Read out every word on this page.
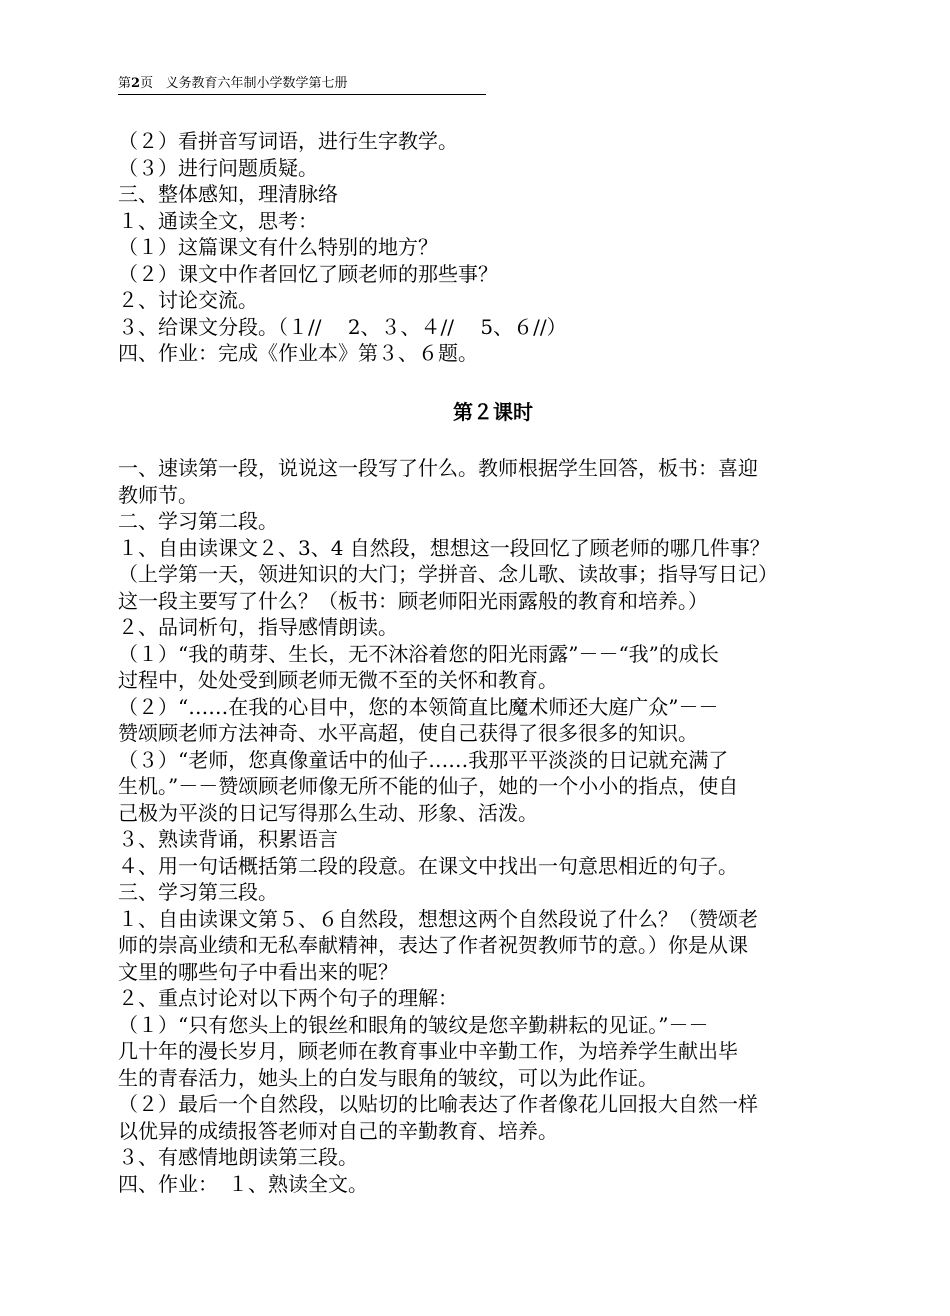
第2页 义务教育六年制小学数学第七册

（２）看拼音写词语，进行生字教学。

（３）进行问题质疑。

三、整体感知，理清脉络

１、通读全文，思考：

（１）这篇课文有什么特别的地方？

（２）课文中作者回忆了顾老师的那些事？

２、讨论交流。

３、给课文分段。（１//　 2、３、４//　 5、６//）

四、作业：完成《作业本》第３、６题。

第２课时

一、速读第一段，说说这一段写了什么。教师根据学生回答，板书：喜迎

教师节。

二、学习第二段。

１、自由读课文２、3、4 自然段，想想这一段回忆了顾老师的哪几件事？

（上学第一天，领进知识的大门；学拼音、念儿歌、读故事；指导写日记）

这一段主要写了什么？（板书：顾老师阳光雨露般的教育和培养。）

２、品词析句，指导感情朗读。

（１）“我的萌芽、生长，无不沐浴着您的阳光雨露”－－“我”的成长

过程中，处处受到顾老师无微不至的关怀和教育。

（２）“……在我的心目中，您的本领简直比魔术师还大庭广众”－－

赞颂顾老师方法神奇、水平高超，使自己获得了很多很多的知识。

（３）“老师，您真像童话中的仙子……我那平平淡淡的日记就充满了

生机。”－－赞颂顾老师像无所不能的仙子，她的一个小小的指点，使自

己极为平淡的日记写得那么生动、形象、活泼。

３、熟读背诵，积累语言

４、用一句话概括第二段的段意。在课文中找出一句意思相近的句子。

三、学习第三段。

１、自由读课文第５、６自然段，想想这两个自然段说了什么？（赞颂老

师的崇高业绩和无私奉献精神，表达了作者祝贺教师节的意。）你是从课

文里的哪些句子中看出来的呢？

２、重点讨论对以下两个句子的理解：

（１）“只有您头上的银丝和眼角的皱纹是您辛勤耕耘的见证。”－－

几十年的漫长岁月，顾老师在教育事业中辛勤工作，为培养学生献出毕

生的青春活力，她头上的白发与眼角的皱纹，可以为此作证。

（２）最后一个自然段，以贴切的比喻表达了作者像花儿回报大自然一样

以优异的成绩报答老师对自己的辛勤教育、培养。

３、有感情地朗读第三段。

四、作业：　１、熟读全文。
